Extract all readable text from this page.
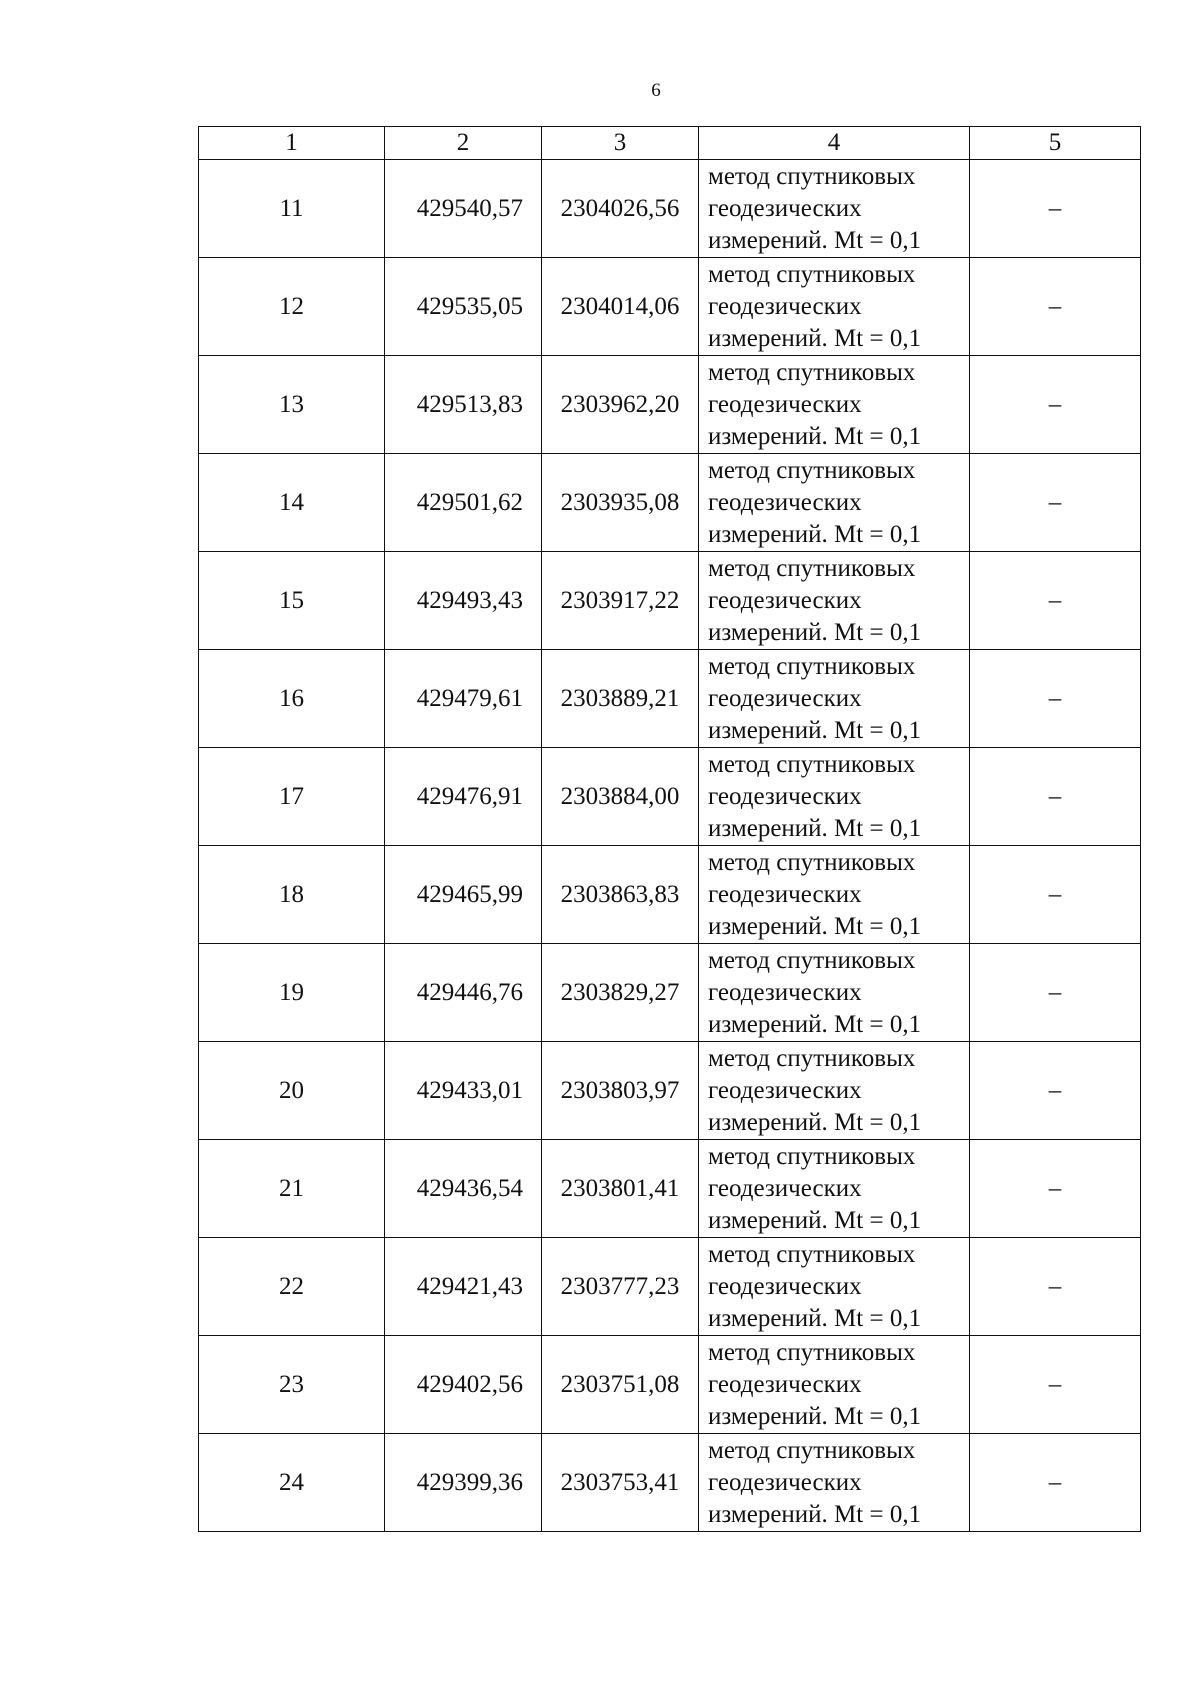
6
1	2	3	4	5
11	429540,57	2304026,56	метод спутниковых
геодезических
измерений. Mt = 0,1	–
12	429535,05	2304014,06	метод спутниковых
геодезических
измерений. Mt = 0,1	–
13	429513,83	2303962,20	метод спутниковых
геодезических
измерений. Mt = 0,1	–
14	429501,62	2303935,08	метод спутниковых
геодезических
измерений. Mt = 0,1	–
15	429493,43	2303917,22	метод спутниковых
геодезических
измерений. Mt = 0,1	–
16	429479,61	2303889,21	метод спутниковых
геодезических
измерений. Mt = 0,1	–
17	429476,91	2303884,00	метод спутниковых
геодезических
измерений. Mt = 0,1	–
18	429465,99	2303863,83	метод спутниковых
геодезических
измерений. Mt = 0,1	–
19	429446,76	2303829,27	метод спутниковых
геодезических
измерений. Mt = 0,1	–
20	429433,01	2303803,97	метод спутниковых
геодезических
измерений. Mt = 0,1	–
21	429436,54	2303801,41	метод спутниковых
геодезических
измерений. Mt = 0,1	–
22	429421,43	2303777,23	метод спутниковых
геодезических
измерений. Mt = 0,1	–
23	429402,56	2303751,08	метод спутниковых
геодезических
измерений. Mt = 0,1	–
24	429399,36	2303753,41	метод спутниковых
геодезических
измерений. Mt = 0,1	–
